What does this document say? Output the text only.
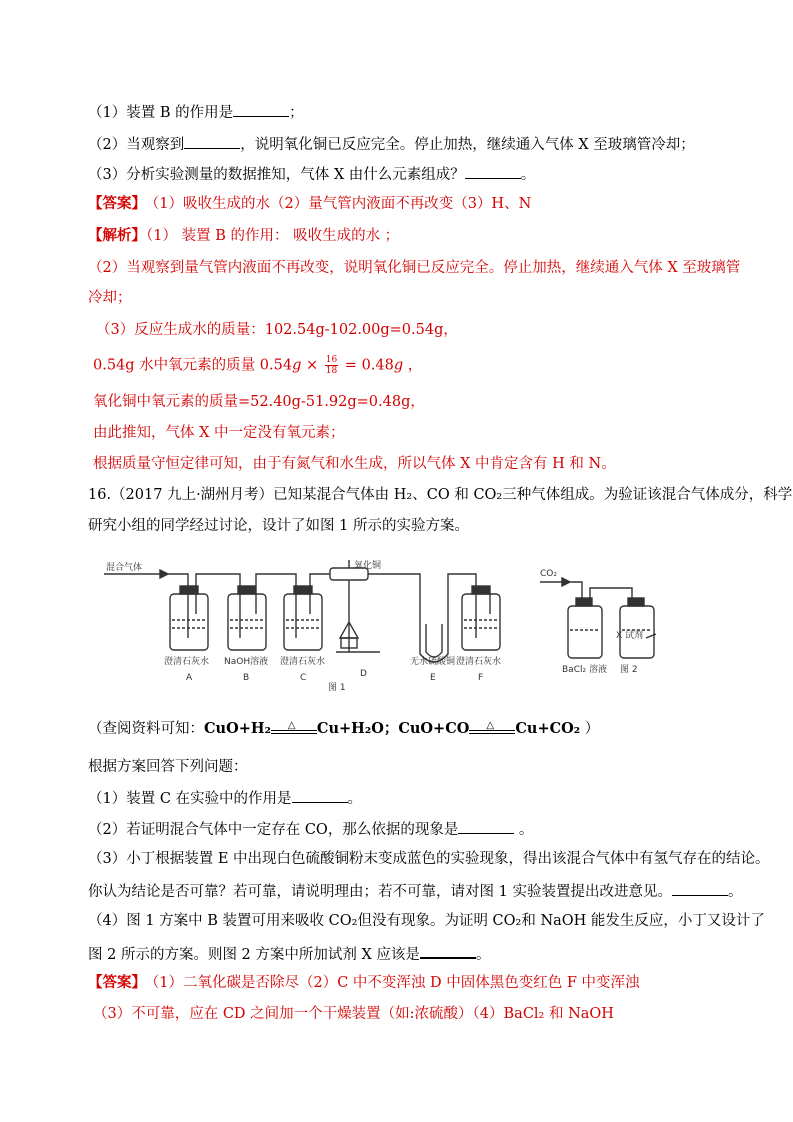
（1）装置 B 的作用是	；
（2）当观察到	，说明氧化铜已反应完全。停止加热，继续通入气体 X 至玻璃管冷却；
（3）分析实验测量的数据推知，气体 X 由什么元素组成？	。
【答案】 （1）吸收生成的水（2）量气管内液面不再改变（3）H、N
【解析】（1） 装置 B 的作用： 吸收生成的水 ；
（2）当观察到量气管内液面不再改变，说明氧化铜已反应完全。停止加热，继续通入气体 X 至玻璃管
冷却；
（3）反应生成水的质量：102.54g-102.00g=0.54g，
0.54g 水中氧元素的质量 $0.54g \times \frac{16}{18} = 0.48g$ ，
氧化铜中氧元素的质量=52.40g-51.92g=0.48g，
由此推知，气体 X 中一定没有氧元素；
根据质量守恒定律可知，由于有氮气和水生成，所以气体 X 中肯定含有 H 和 N。
16.（2017 九上·湖州月考）已知某混合气体由 H₂、CO 和 CO₂三种气体组成。为验证该混合气体成分，科学
研究小组的同学经过讨论，设计了如图 1 所示的实验方案。
混合气体	氧化铜
澄清石灰水 NaOH溶液 澄清石灰水	无水硫酸铜 澄清石灰水
A	B	C	D	E	F
图 1
CO₂
X 试剂
BaCl₂ 溶液 图 2
（查阅资料可知：CuO+H₂ △ Cu+H₂O；CuO+CO △ Cu+CO₂ ）
根据方案回答下列问题：
（1）装置 C 在实验中的作用是	。
（2）若证明混合气体中一定存在 CO，那么依据的现象是	。
（3）小丁根据装置 E 中出现白色硫酸铜粉末变成蓝色的实验现象，得出该混合气体中有氢气存在的结论。
你认为结论是否可靠？若可靠，请说明理由；若不可靠，请对图 1 实验装置提出改进意见。	。
（4）图 1 方案中 B 装置可用来吸收 CO₂但没有现象。为证明 CO₂和 NaOH 能发生反应，小丁又设计了
图 2 所示的方案。则图 2 方案中所加试剂 X 应该是	。
【答案】 （1）二氧化碳是否除尽（2）C 中不变浑浊 D 中固体黑色变红色 F 中变浑浊
（3）不可靠，应在 CD 之间加一个干燥装置（如:浓硫酸）（4）BaCl₂ 和 NaOH
